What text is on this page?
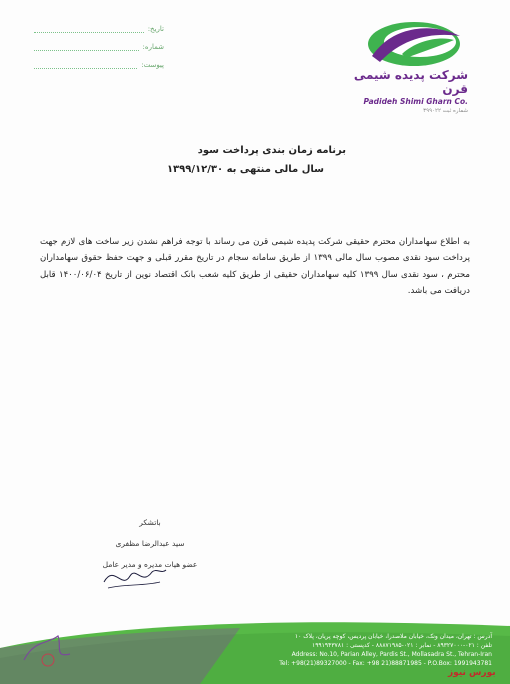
تاریخ:
شماره:
پیوست:
شرکت پدیده شیمی قرن
Padideh Shimi Gharn Co.
شماره ثبت ۳۹۹۰۲۲
برنامه زمان بندی پرداخت سود
سال مالی منتهی به ۱۳۹۹/۱۲/۳۰
به اطلاع سهامداران محترم حقیقی شرکت پدیده شیمی قرن می رساند با توجه فراهم نشدن زیر ساخت های لازم جهت پرداخت سود نقدی مصوب سال مالی ۱۳۹۹ از طریق سامانه سجام در تاریخ مقرر قبلی و جهت حفظ حقوق سهامداران محترم ، سود نقدی سال ۱۳۹۹ کلیه سهامداران حقیقی از طریق کلیه شعب بانک اقتصاد نوین از تاریخ ۱۴۰۰/۰۶/۰۴ قابل دریافت می باشد.
باتشکر
سید عبدالرضا مظفری
عضو هیات مدیره و مدیر عامل
آدرس : تهران، میدان ونک، خیابان ملاصدرا، خیابان پردیس، کوچه پریان، پلاک ۱۰
تلفن : ۰۲۱-۸۹۳۲۷۰۰۰ - نمابر : ۰۲۱-۸۸۸۷۱۹۸۵ - کدپستی : ۱۹۹۱۹۴۳۷۸۱
Address: No.10, Parian Alley, Pardis St., Mollasadra St., Tehran-Iran
Tel: +98(21)89327000 - Fax: +98 21)88871985 - P.O.Box: 1991943781
بورس نیوز
